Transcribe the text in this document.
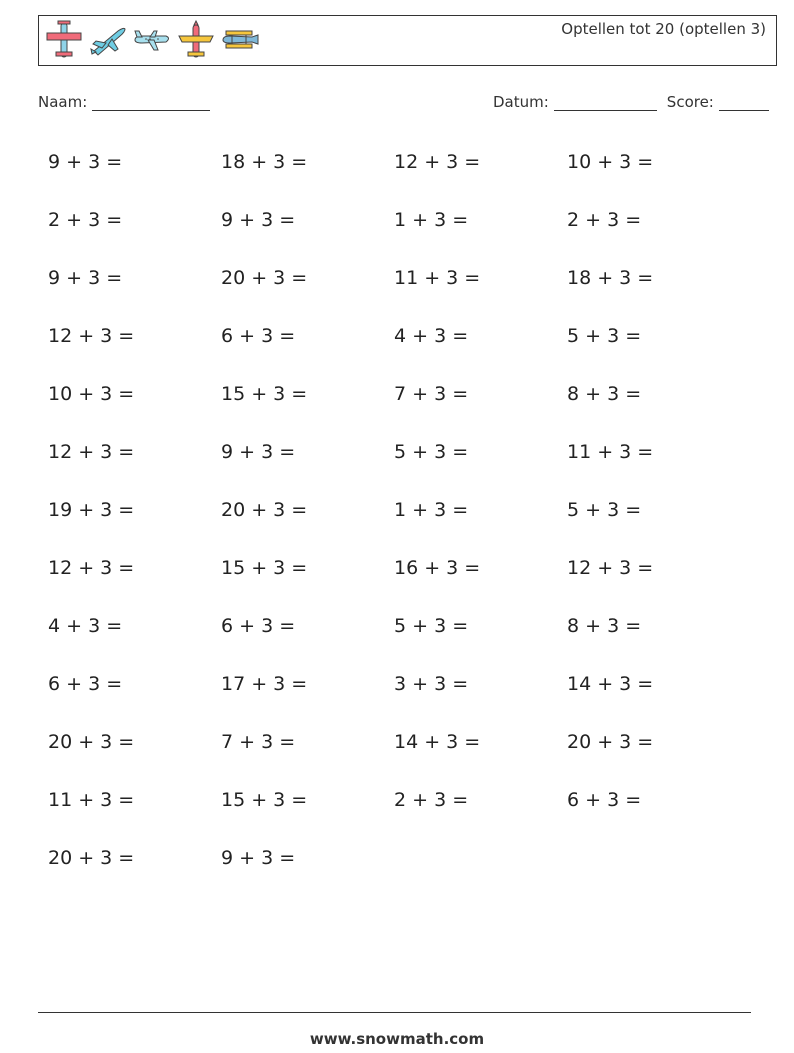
Optellen tot 20 (optellen 3)
Naam:	Datum:	Score:
9 + 3 =	18 + 3 =	12 + 3 =	10 + 3 =
2 + 3 =	9 + 3 =	1 + 3 =	2 + 3 =
9 + 3 =	20 + 3 =	11 + 3 =	18 + 3 =
12 + 3 =	6 + 3 =	4 + 3 =	5 + 3 =
10 + 3 =	15 + 3 =	7 + 3 =	8 + 3 =
12 + 3 =	9 + 3 =	5 + 3 =	11 + 3 =
19 + 3 =	20 + 3 =	1 + 3 =	5 + 3 =
12 + 3 =	15 + 3 =	16 + 3 =	12 + 3 =
4 + 3 =	6 + 3 =	5 + 3 =	8 + 3 =
6 + 3 =	17 + 3 =	3 + 3 =	14 + 3 =
20 + 3 =	7 + 3 =	14 + 3 =	20 + 3 =
11 + 3 =	15 + 3 =	2 + 3 =	6 + 3 =
20 + 3 =	9 + 3 =
www.snowmath.com
